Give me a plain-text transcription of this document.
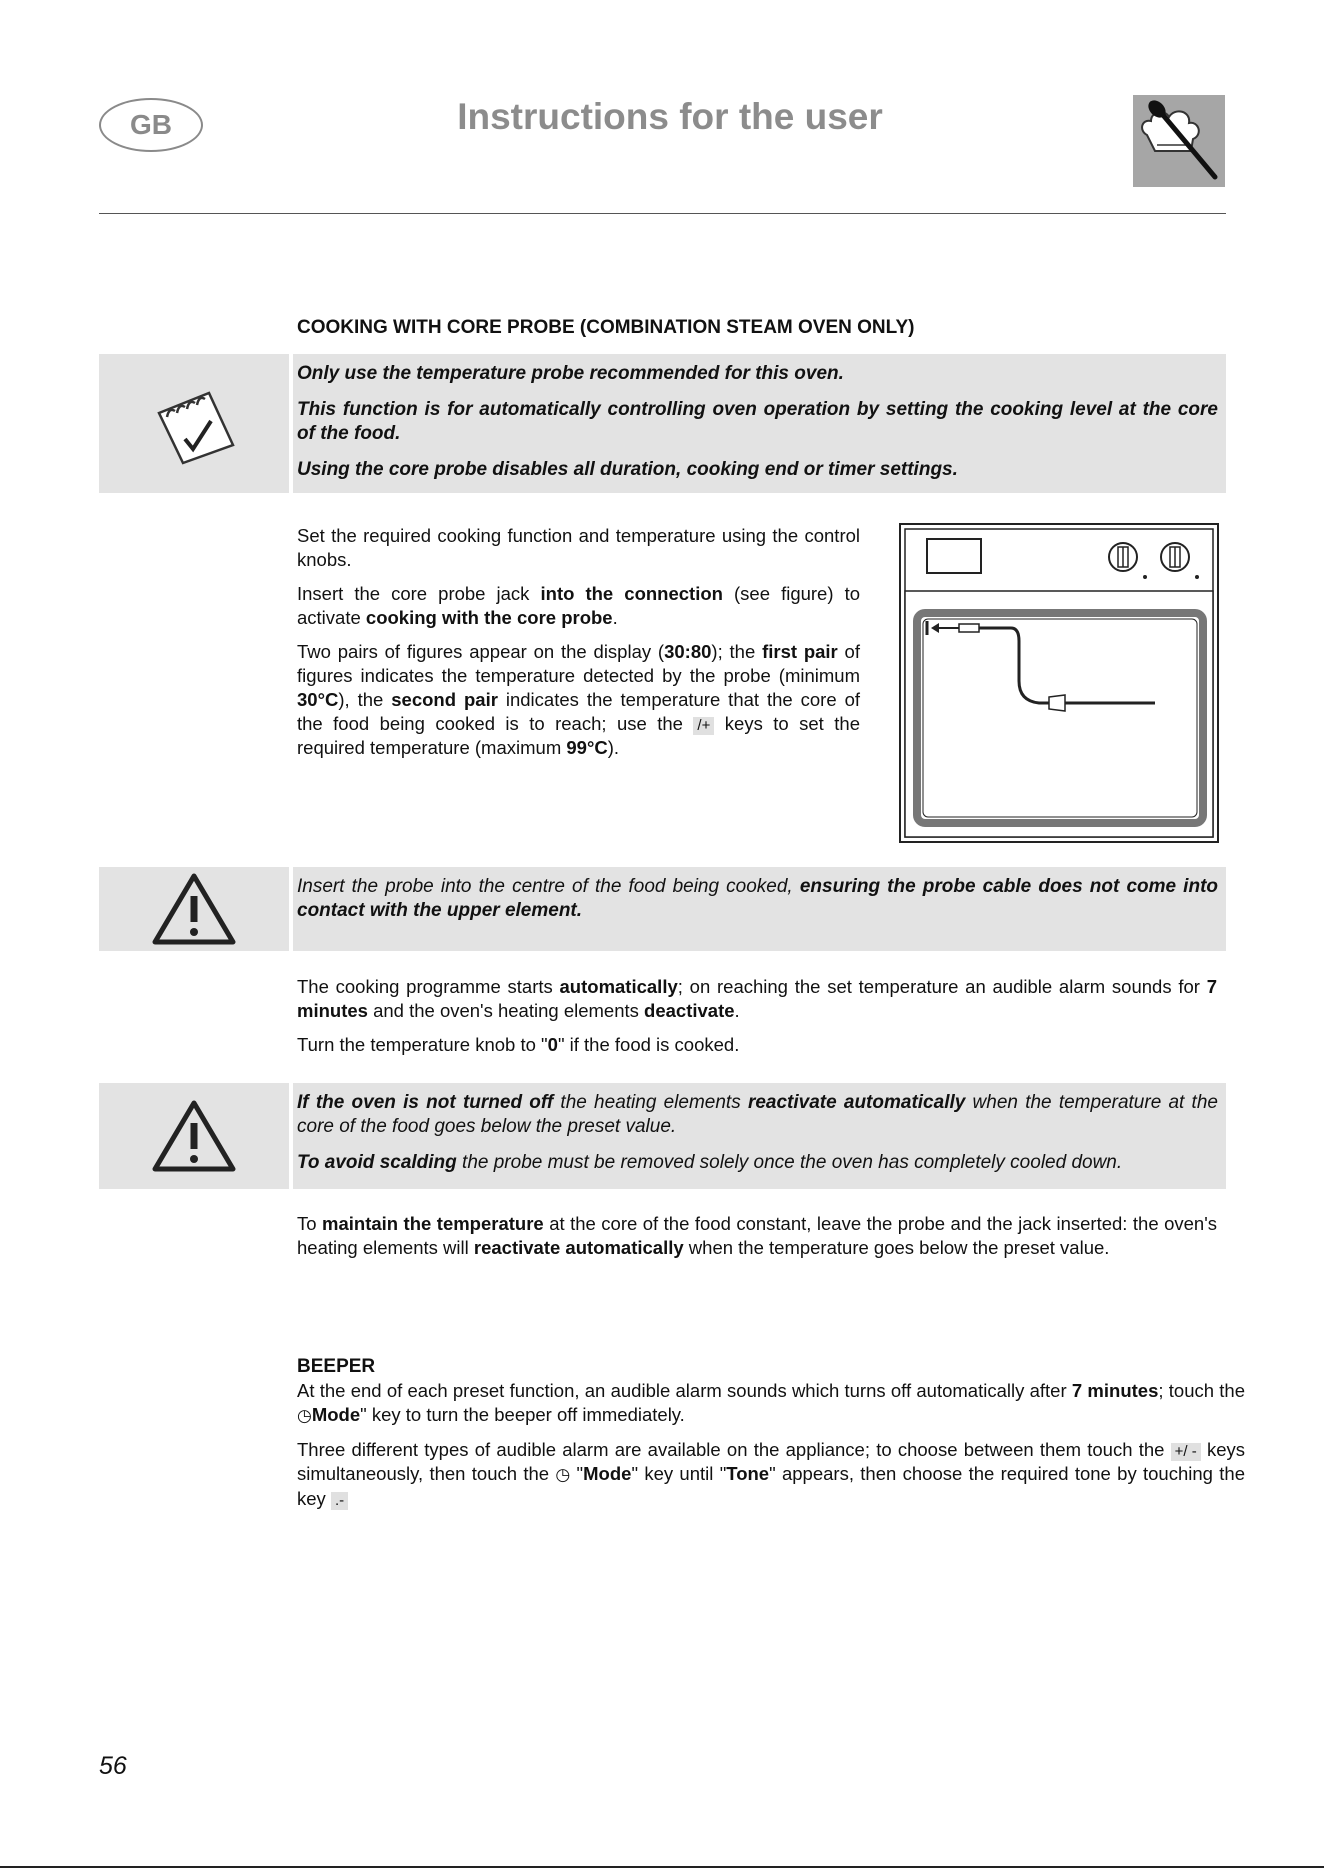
GB	Instructions for the user
COOKING WITH CORE PROBE (COMBINATION STEAM OVEN ONLY)

Only use the temperature probe recommended for this oven.

This function is for automatically controlling oven operation by setting the cooking level at the core of the food.

Using the core probe disables all duration, cooking end or timer settings.

Set the required cooking function and temperature using the control knobs.

Insert the core probe jack into the connection (see figure) to activate cooking with the core probe.

Two pairs of figures appear on the display (30:80); the first pair of figures indicates the temperature detected by the probe (minimum 30°C), the second pair indicates the temperature that the core of the food being cooked is to reach; use the /+ keys to set the required temperature (maximum 99°C).

Insert the probe into the centre of the food being cooked, ensuring the probe cable does not come into contact with the upper element.

The cooking programme starts automatically; on reaching the set temperature an audible alarm sounds for 7 minutes and the oven's heating elements deactivate.

Turn the temperature knob to "0" if the food is cooked.

If the oven is not turned off the heating elements reactivate automatically when the temperature at the core of the food goes below the preset value.

To avoid scalding the probe must be removed solely once the oven has completely cooled down.

To maintain the temperature at the core of the food constant, leave the probe and the jack inserted: the oven's heating elements will reactivate automatically when the temperature goes below the preset value.

BEEPER

At the end of each preset function, an audible alarm sounds which turns off automatically after 7 minutes; touch the ◷Mode" key to turn the beeper off immediately.

Three different types of audible alarm are available on the appliance; to choose between them touch the +/ - keys simultaneously, then touch the ◷ "Mode" key until "Tone" appears, then choose the required tone by touching the key .-

56
